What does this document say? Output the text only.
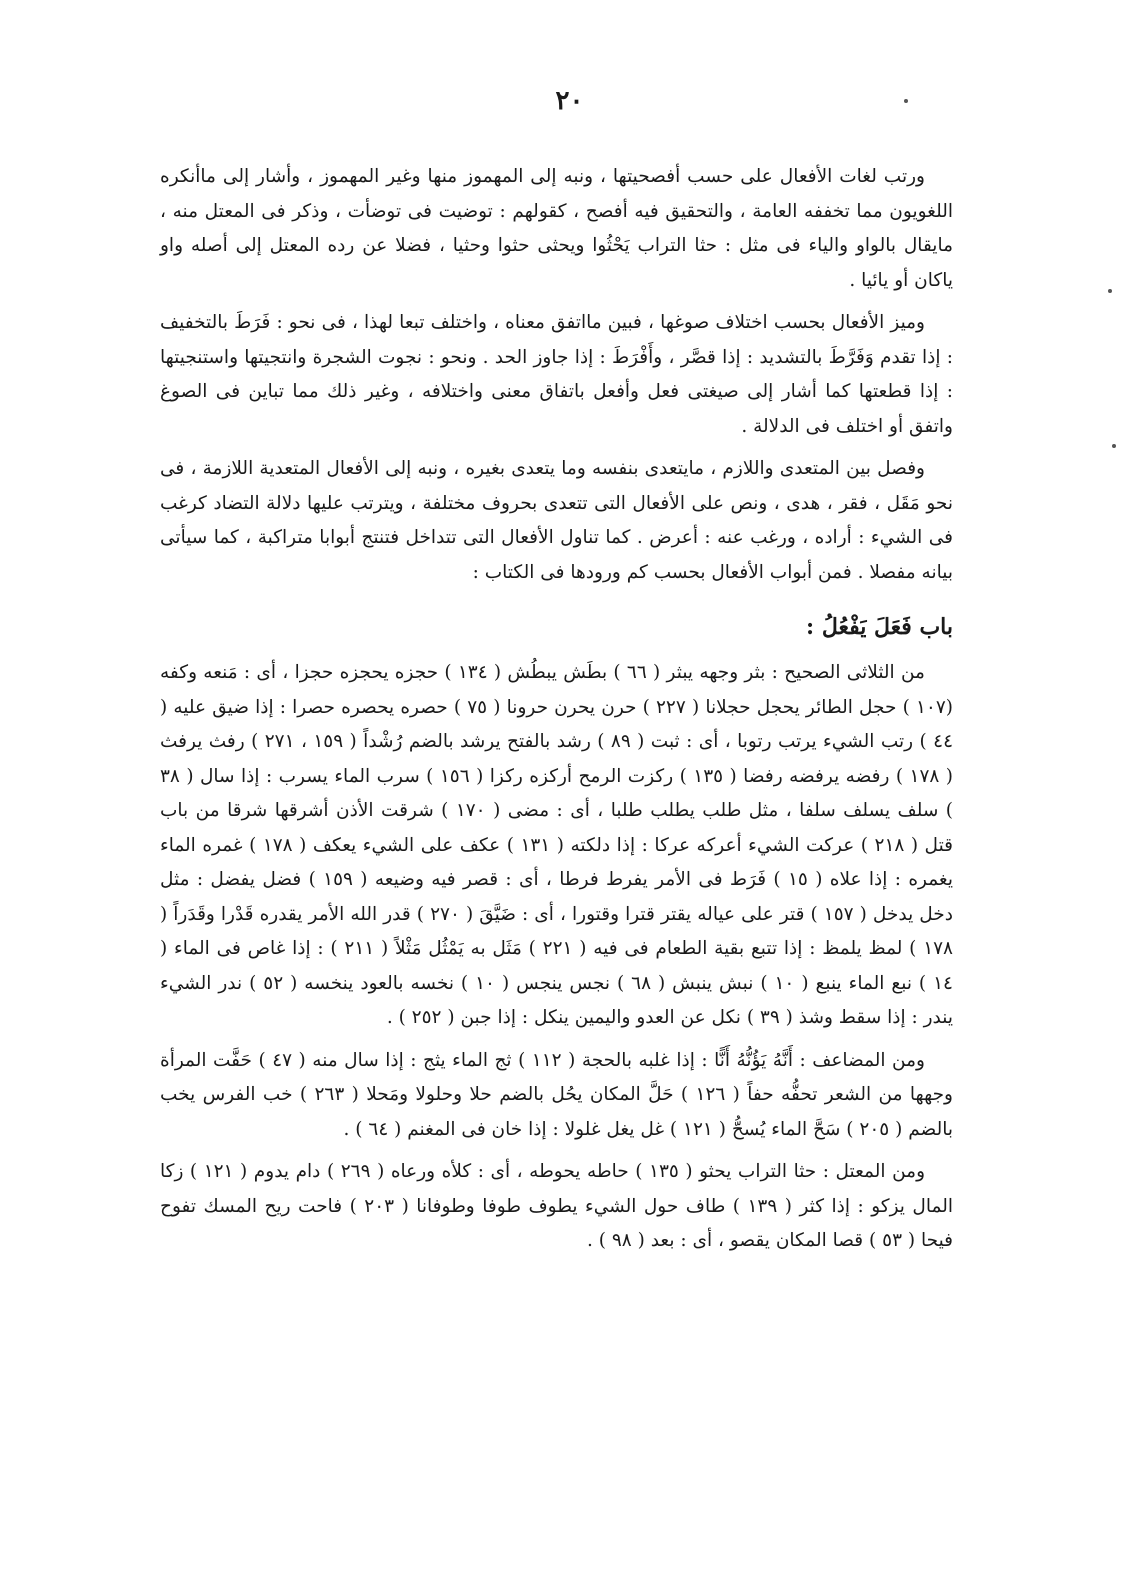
٢٠

ورتب لغات الأفعال على حسب أفصحيتها ، ونبه إلى المهموز منها وغير المهموز ، وأشار إلى ماأنكره اللغويون مما تخففه العامة ، والتحقيق فيه أفصح ، كقولهم : توضيت فى توضأت ، وذكر فى المعتل منه ، مايقال بالواو والياء فى مثل : حثا التراب يَحْثُوا ويحثى حثوا وحثيا ، فضلا عن رده المعتل إلى أصله واو ياكان أو يائيا .

وميز الأفعال بحسب اختلاف صوغها ، فبين مااتفق معناه ، واختلف تبعا لهذا ، فى نحو : فَرَطَ بالتخفيف : إذا تقدم وَفَرَّطَ بالتشديد : إذا قصَّر ، وأَفْرَطَ : إذا جاوز الحد . ونحو : نجوت الشجرة وانتجيتها واستنجيتها : إذا قطعتها كما أشار إلى صيغتى فعل وأفعل باتفاق معنى واختلافه ، وغير ذلك مما تباين فى الصوغ واتفق أو اختلف فى الدلالة .

وفصل بين المتعدى واللازم ، مايتعدى بنفسه وما يتعدى بغيره ، ونبه إلى الأفعال المتعدية اللازمة ، فى نحو مَقَل ، فقر ، هدى ، ونص على الأفعال التى تتعدى بحروف مختلفة ، ويترتب عليها دلالة التضاد كرغب فى الشيء : أراده ، ورغب عنه : أعرض . كما تناول الأفعال التى تتداخل فتنتج أبوابا متراكبة ، كما سيأتى بيانه مفصلا . فمن أبواب الأفعال بحسب كم ورودها فى الكتاب :

باب فَعَلَ يَفْعُلُ :

من الثلاثى الصحيح : بثر وجهه يبثر ( ٦٦ ) بطَش يبطُش ( ١٣٤ ) حجزه يحجزه حجزا ، أى : مَنعه وكفه (١٠٧ ) حجل الطائر يحجل حجلانا ( ٢٢٧ ) حرن يحرن حرونا ( ٧٥ ) حصره يحصره حصرا : إذا ضيق عليه ( ٤٤ ) رتب الشيء يرتب رتوبا ، أى : ثبت ( ٨٩ ) رشد بالفتح يرشد بالضم رُشْداً ( ١٥٩ ، ٢٧١ ) رفث يرفث ( ١٧٨ ) رفضه يرفضه رفضا ( ١٣٥ ) ركزت الرمح أركزه ركزا ( ١٥٦ ) سرب الماء يسرب : إذا سال ( ٣٨ ) سلف يسلف سلفا ، مثل طلب يطلب طلبا ، أى : مضى ( ١٧٠ ) شرقت الأذن أشرقها شرقا من باب قتل ( ٢١٨ ) عركت الشيء أعركه عركا : إذا دلكته ( ١٣١ ) عكف على الشيء يعكف ( ١٧٨ ) غمره الماء يغمره : إذا علاه ( ١٥ ) فَرَط فى الأمر يفرط فرطا ، أى : قصر فيه وضيعه ( ١٥٩ ) فضل يفضل : مثل دخل يدخل ( ١٥٧ ) قتر على عياله يقتر قترا وقتورا ، أى : ضَيَّقَ ( ٢٧٠ ) قدر الله الأمر يقدره قَدْرا وقَدَراً ( ١٧٨ ) لمظ يلمظ : إذا تتبع بقية الطعام فى فيه ( ٢٢١ ) مَثَل به يَمْثُل مَثْلاً ( ٢١١ ) : إذا غاص فى الماء ( ١٤ ) نبع الماء ينبع ( ١٠ ) نبش ينبش ( ٦٨ ) نجس ينجس ( ١٠ ) نخسه بالعود ينخسه ( ٥٢ ) ندر الشيء يندر : إذا سقط وشذ ( ٣٩ ) نكل عن العدو واليمين ينكل : إذا جبن ( ٢٥٢ ) .

ومن المضاعف : أَنَّهُ يَؤُنُّهُ أَنًّا : إذا غلبه بالحجة ( ١١٢ ) ثج الماء يثج : إذا سال منه ( ٤٧ ) حَفَّت المرأة وجهها من الشعر تحفُّه حفاً ( ١٢٦ ) حَلَّ المكان يحُل بالضم حلا وحلولا ومَحلا ( ٢٦٣ ) خب الفرس يخب بالضم ( ٢٠٥ ) سَحَّ الماء يُسحُّ ( ١٢١ ) غل يغل غلولا : إذا خان فى المغنم ( ٦٤ ) .

ومن المعتل : حثا التراب يحثو ( ١٣٥ ) حاطه يحوطه ، أى : كلأه ورعاه ( ٢٦٩ ) دام يدوم ( ١٢١ ) زكا المال يزكو : إذا كثر ( ١٣٩ ) طاف حول الشيء يطوف طوفا وطوفانا ( ٢٠٣ ) فاحت ريح المسك تفوح فيحا ( ٥٣ ) قصا المكان يقصو ، أى : بعد ( ٩٨ ) .
